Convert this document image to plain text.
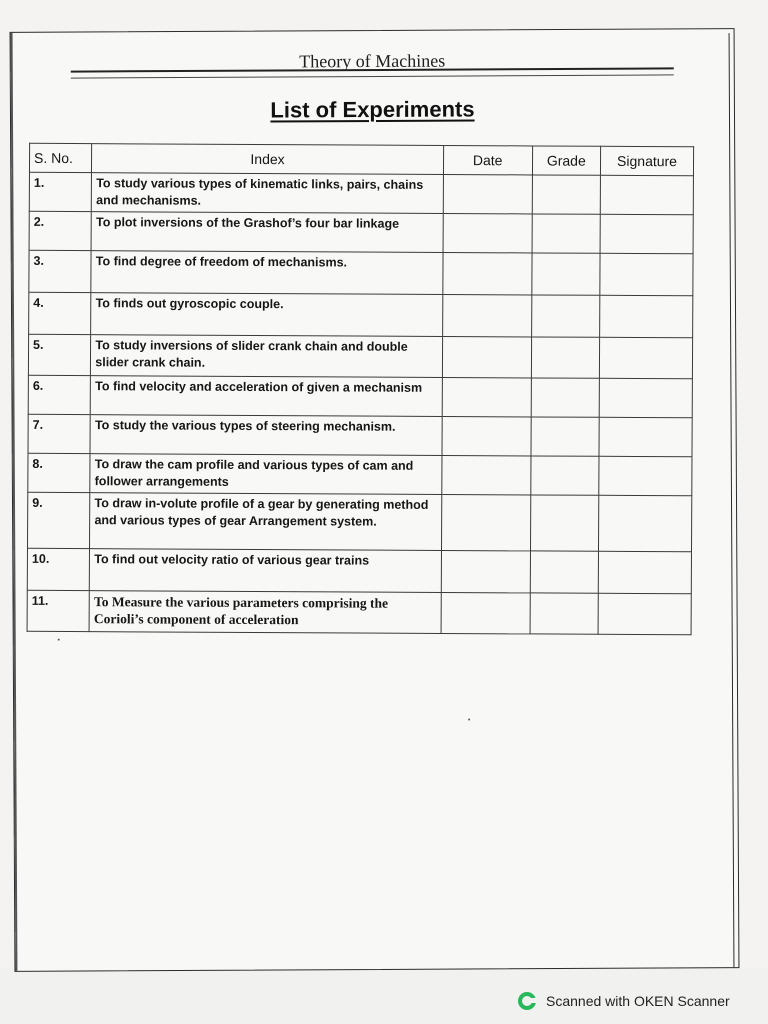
Theory of Machines
List of Experiments
S. No.	Index	Date	Grade	Signature
1.	To study various types of kinematic links, pairs, chains and mechanisms.			
2.	To plot inversions of the Grashof’s four bar linkage			
3.	To find degree of freedom of mechanisms.			
4.	To finds out gyroscopic couple.			
5.	To study inversions of slider crank chain and double slider crank chain.			
6.	To find velocity and acceleration of given a mechanism			
7.	To study the various types of steering mechanism.			
8.	To draw the cam profile and various types of cam and follower arrangements			
9.	To draw in-volute profile of a gear by generating method and various types of gear Arrangement system.			
10.	To find out velocity ratio of various gear trains			
11.	To Measure the various parameters comprising the Corioli’s component of acceleration			
Scanned with OKEN Scanner
